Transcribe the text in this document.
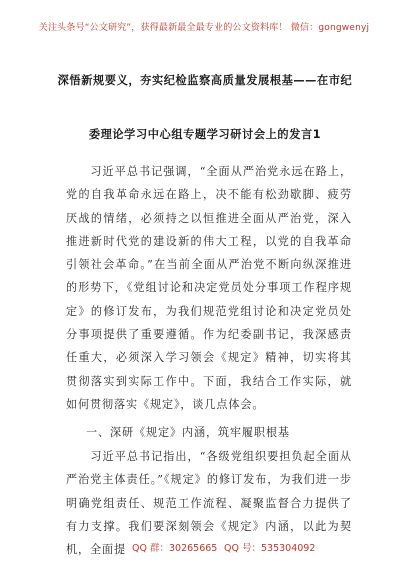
关注头条号“公文研究”，获得最新最全最专业的公文资料库！ 微信：gongwenyj
深悟新规要义，夯实纪检监察高质量发展根基——在市纪
委理论学习中心组专题学习研讨会上的发言1

习近平总书记强调，“全面从严治党永远在路上，党的自我革命永远在路上，决不能有松劲歇脚、疲劳厌战的情绪，必须持之以恒推进全面从严治党，深入推进新时代党的建设新的伟大工程，以党的自我革命引领社会革命。”在当前全面从严治党不断向纵深推进的形势下，《党组讨论和决定党员处分事项工作程序规定》的修订发布，为我们规范党组讨论和决定党员处分事项提供了重要遵循。作为纪委副书记，我深感责任重大，必须深入学习领会《规定》精神，切实将其贯彻落实到实际工作中。下面，我结合工作实际，就如何贯彻落实《规定》，谈几点体会。

一、深研《规定》内涵，筑牢履职根基

习近平总书记指出，“各级党组织要担负起全面从严治党主体责任。”《规定》的修订发布，为我们进一步明确党组责任、规范工作流程、凝聚监督合力提供了有力支撑。我们要深刻领会《规定》内涵，以此为契机，全面提 QQ 群：30265665 QQ 号：535304092
